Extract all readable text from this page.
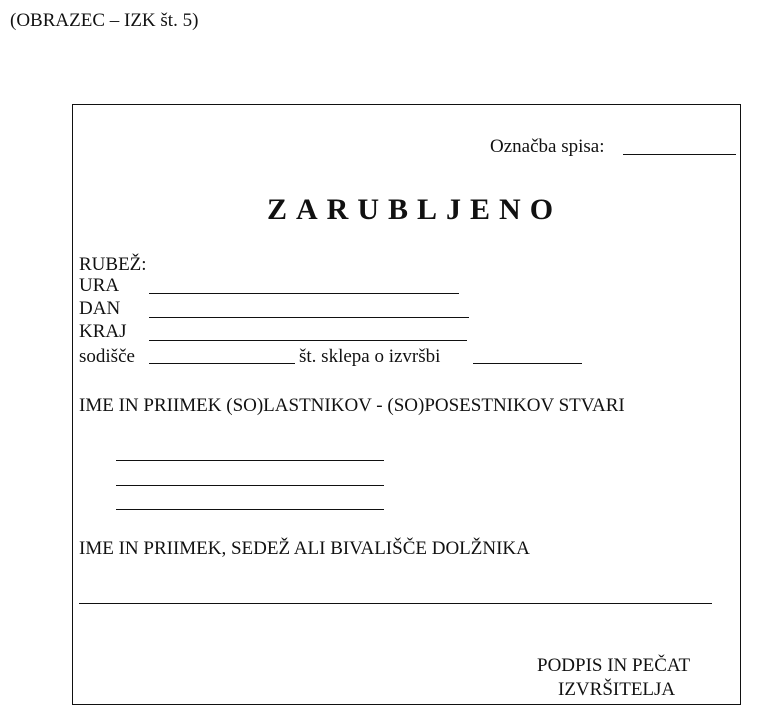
(OBRAZEC – IZK št. 5)
Označba spisa:
ZARUBLJENO
RUBEŽ:
URA
DAN
KRAJ
sodišče	št. sklepa o izvršbi
IME IN PRIIMEK (SO)LASTNIKOV - (SO)POSESTNIKOV STVARI
IME IN PRIIMEK, SEDEŽ ALI BIVALIŠČE DOLŽNIKA
PODPIS IN PEČAT
IZVRŠITELJA
